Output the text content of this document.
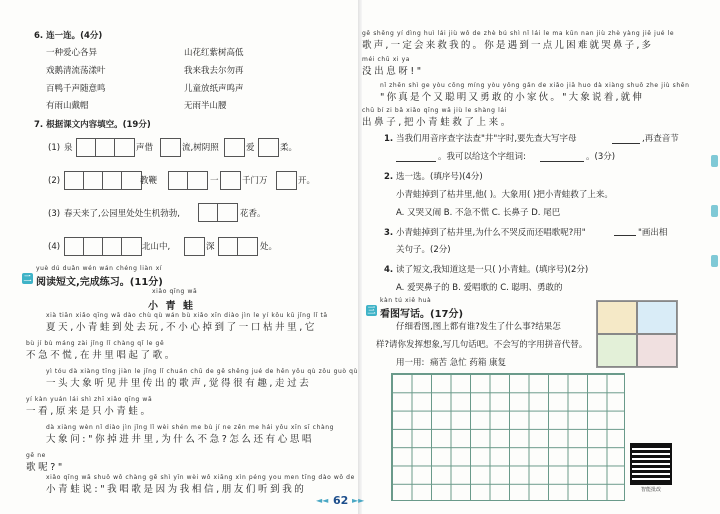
6. 连一连。(4分)
一种爱心各异
戏鹅清流荡漾叶
百鸭千声随意鸣
有雨山戴帽
山花红紫树高低
我来我去尔勿再
儿童放纸声鸣声
无雨半山腰
7. 根据课文内容填空。(19分)
(1) 泉	声借	流,树阴照	爱	柔。
(2)	教鞭	一	千门万	开。
(3) 春天来了,公园里处处生机勃勃,	花香。
(4)	北山中,	深	处。
yuè dú duǎn wén wán chéng liàn xí
二 阅读短文,完成练习。(11分)
xiǎo qīng wā
小 青 蛙
xià tiān xiǎo qīng wā dào chù qù wán bù xiǎo xīn diào jìn le yí kǒu kū jǐng lǐ tā
夏天,小青蛙到处去玩,不小心掉到了一口枯井里,它
bù jí bù máng zài jǐng lǐ chàng qǐ le gē
不急不慌,在井里唱起了歌。
yì tóu dà xiàng tīng jiàn le jǐng lǐ chuán chū de gē shēng jué de hěn yǒu qù zǒu guò qù
一头大象听见井里传出的歌声,觉得很有趣,走过去
yí kàn yuán lái shì zhī xiǎo qīng wā
一看,原来是只小青蛙。
dà xiàng wèn nǐ diào jìn jǐng lǐ wèi shén me bù jí ne zěn me hái yǒu xīn sī chàng
大象问:"你掉进井里,为什么不急?怎么还有心思唱
gē ne
歌呢?"
xiǎo qīng wā shuō wǒ chàng gē shì yīn wèi wǒ xiāng xìn péng you men tīng dào wǒ de
小青蛙说:"我唱歌是因为我相信,朋友们听到我的
gē shēng yí dìng huì lái jiù wǒ de zhè bú shì nǐ lái le ma kūn nan jiù zhè yàng jiě jué le
歌声,一定会来救我的。你是遇到一点儿困难就哭鼻子,多
méi chū xi ya
没出息呀!"
nǐ zhēn shì ge yòu cōng míng yòu yǒng gǎn de xiǎo jiā huo dà xiàng shuō zhe jiù shēn
"你真是个又聪明又勇敢的小家伙。"大象说着,就伸
chū bí zi bǎ xiǎo qīng wā jiù le shàng lái
出鼻子,把小青蛙救了上来。
1. 当我们用音序查字法查"井"字时,要先查大写字母	,再查音节
。我可以给这个字组词:	。(3分)
2. 选一选。(填序号)(4分)
小青蛙掉到了枯井里,他( )。大象用( )把小青蛙救了上来。
A. 又哭又闹 B. 不急不慌 C. 长鼻子 D. 尾巴
3. 小青蛙掉到了枯井里,为什么不哭反而还唱歌呢?用"	"画出相
关句子。(2分)
4. 读了短文,我知道这是一只( )小青蛙。(填序号)(2分)
A. 爱哭鼻子的 B. 爱唱歌的 C. 聪明、勇敢的
kàn tú xiě huà
三 看图写话。(17分)
仔细看图,图上都有谁?发生了什么事?结果怎
样?请你发挥想象,写几句话吧。不会写的字用拼音代替。
用一用: 痛苦 急忙 药箱 康复
智能批改
◄◄ 62 ►►
